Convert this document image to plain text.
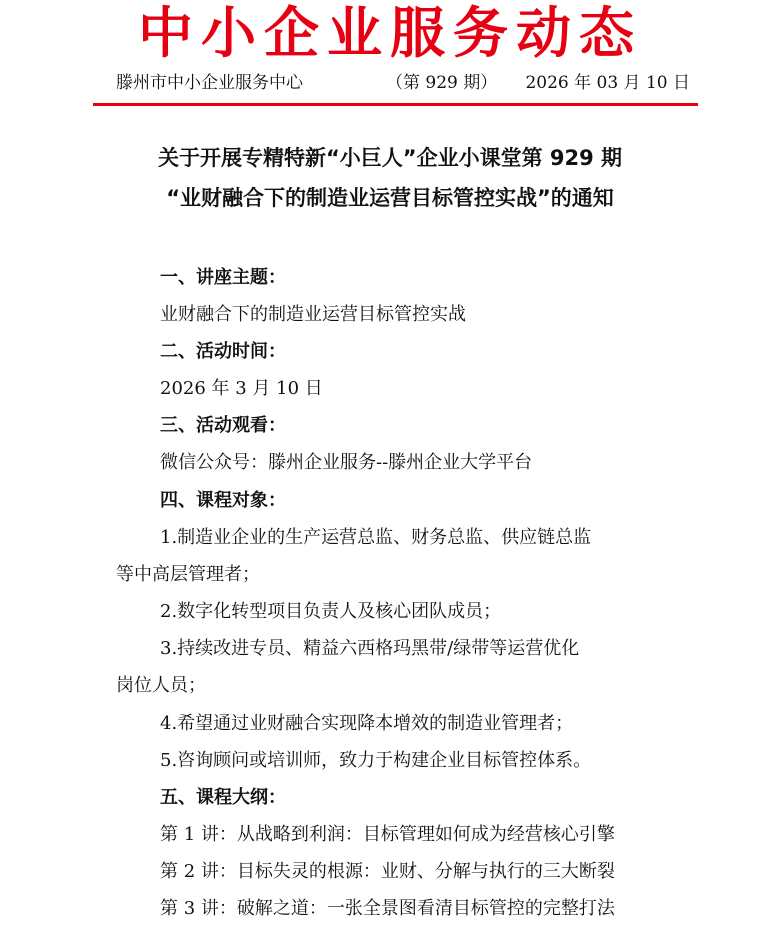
中小企业服务动态
滕州市中小企业服务中心	（第 929 期） 2026 年 03 月 10 日
关于开展专精特新“小巨人”企业小课堂第 929 期
“业财融合下的制造业运营目标管控实战”的通知
一、讲座主题：
业财融合下的制造业运营目标管控实战
二、活动时间：
2026 年 3 月 10 日
三、活动观看：
微信公众号：滕州企业服务--滕州企业大学平台
四、课程对象：
1.制造业企业的生产运营总监、财务总监、供应链总监
等中高层管理者；
2.数字化转型项目负责人及核心团队成员；
3.持续改进专员、精益六西格玛黑带/绿带等运营优化
岗位人员；
4.希望通过业财融合实现降本增效的制造业管理者；
5.咨询顾问或培训师，致力于构建企业目标管控体系。
五、课程大纲：
第 1 讲：从战略到利润：目标管理如何成为经营核心引擎
第 2 讲：目标失灵的根源：业财、分解与执行的三大断裂
第 3 讲：破解之道：一张全景图看清目标管控的完整打法
